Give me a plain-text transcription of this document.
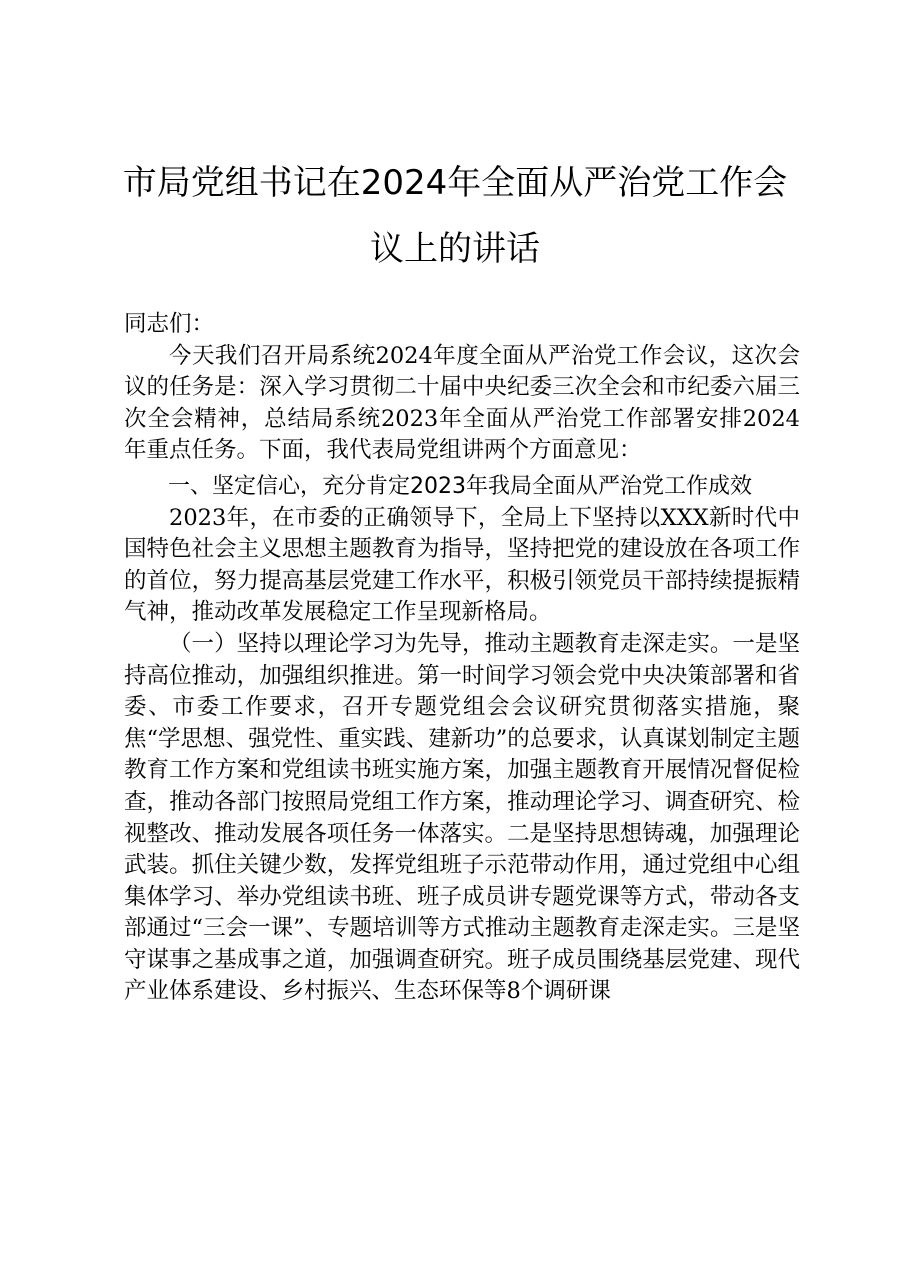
市局党组书记在2024年全面从严治党工作会
议上的讲话

同志们：

今天我们召开局系统2024年度全面从严治党工作会议，这次会议的任务是：深入学习贯彻二十届中央纪委三次全会和市纪委六届三次全会精神，总结局系统2023年全面从严治党工作部署安排2024年重点任务。下面，我代表局党组讲两个方面意见：

一、坚定信心，充分肯定2023年我局全面从严治党工作成效

2023年，在市委的正确领导下，全局上下坚持以XXX新时代中国特色社会主义思想主题教育为指导，坚持把党的建设放在各项工作的首位，努力提高基层党建工作水平，积极引领党员干部持续提振精气神，推动改革发展稳定工作呈现新格局。

（一）坚持以理论学习为先导，推动主题教育走深走实。一是坚持高位推动，加强组织推进。第一时间学习领会党中央决策部署和省委、市委工作要求，召开专题党组会会议研究贯彻落实措施，聚焦“学思想、强党性、重实践、建新功”的总要求，认真谋划制定主题教育工作方案和党组读书班实施方案，加强主题教育开展情况督促检查，推动各部门按照局党组工作方案，推动理论学习、调查研究、检视整改、推动发展各项任务一体落实。二是坚持思想铸魂，加强理论武装。抓住关键少数，发挥党组班子示范带动作用，通过党组中心组集体学习、举办党组读书班、班子成员讲专题党课等方式，带动各支部通过“三会一课”、专题培训等方式推动主题教育走深走实。三是坚守谋事之基成事之道，加强调查研究。班子成员围绕基层党建、现代产业体系建设、乡村振兴、生态环保等8个调研课
